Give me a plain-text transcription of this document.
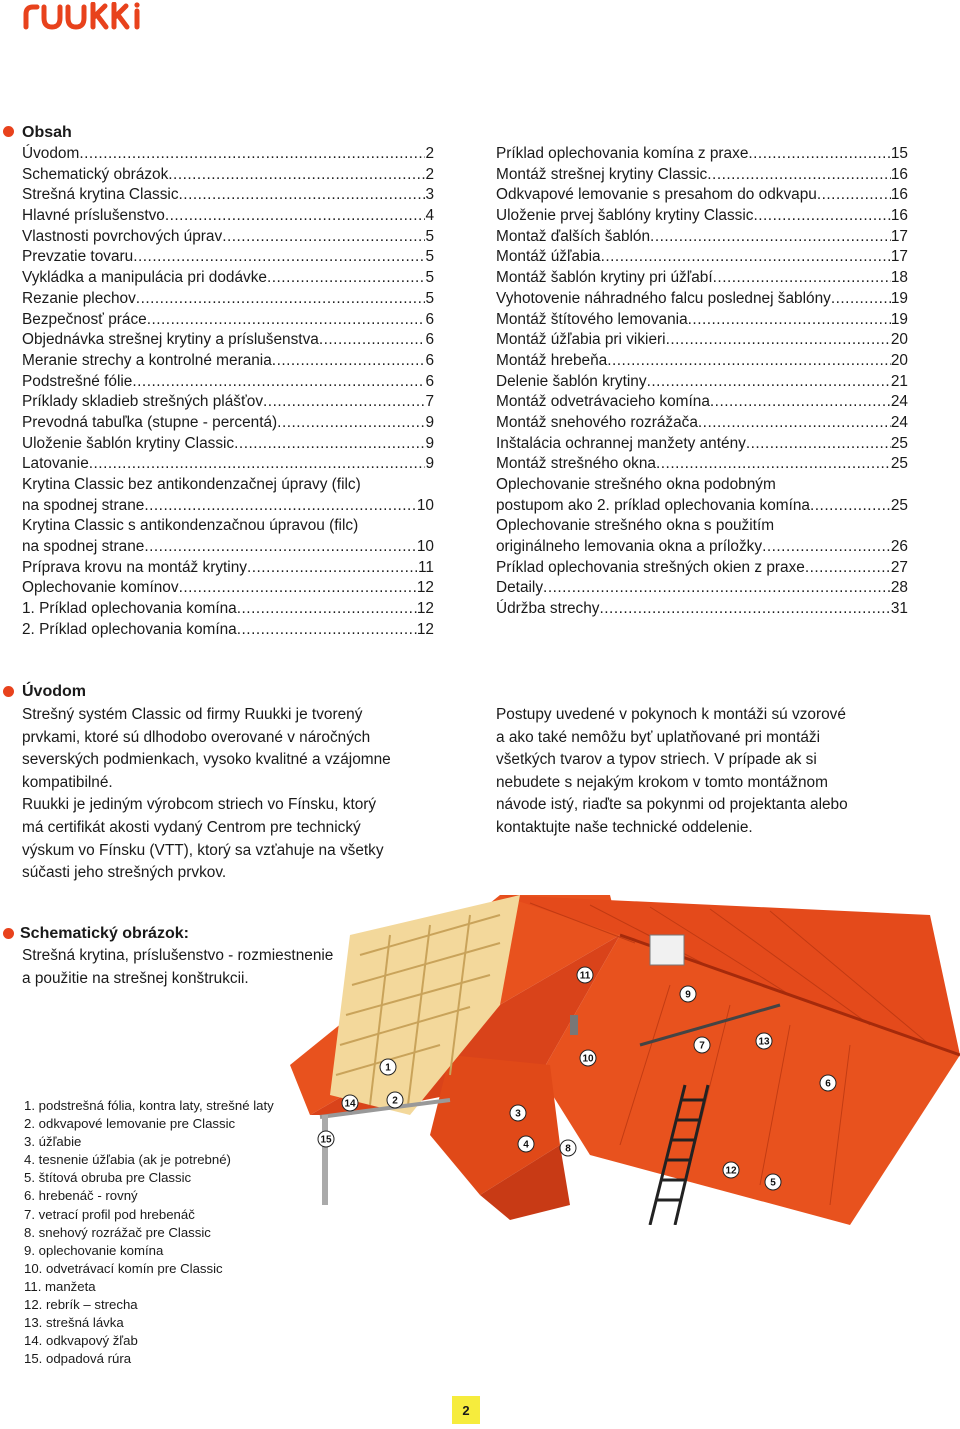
Obsah
Úvodom .....	2
Schematický obrázok .....	2
Strešná krytina Classic .....	3
Hlavné príslušenstvo .....	4
Vlastnosti povrchových úprav .....	5
Prevzatie tovaru .....	5
Vykládka a manipulácia pri dodávke .....	5
Rezanie plechov .....	5
Bezpečnosť práce .....	6
Objednávka strešnej krytiny a príslušenstva .....	6
Meranie strechy a kontrolné merania .....	6
Podstrešné fólie .....	6
Príklady skladieb strešných plášťov .....	7
Prevodná tabuľka (stupne - percentá) .....	9
Uloženie šablón krytiny Classic .....	9
Latovanie .....	9
Krytina Classic bez antikondenzačnej úpravy (filc)
na spodnej strane .....	10
Krytina Classic s antikondenzačnou úpravou (filc)
na spodnej strane .....	10
Príprava krovu na montáž krytiny .....	11
Oplechovanie komínov .....	12
1. Príklad oplechovania komína .....	12
2. Príklad oplechovania komína .....	12
Príklad oplechovania komína z praxe .....	15
Montáž strešnej krytiny Classic .....	16
Odkvapové lemovanie s presahom do odkvapu .....	16
Uloženie prvej šablóny krytiny Classic .....	16
Montaž ďalších šablón .....	17
Montáž úžľabia .....	17
Montáž šablón krytiny pri úžľabí .....	18
Vyhotovenie náhradného falcu poslednej šablóny .....	19
Montáž štítového lemovania .....	19
Montáž úžľabia pri vikieri .....	20
Montáž hrebeňa .....	20
Delenie šablón krytiny .....	21
Montáž odvetrávacieho komína .....	24
Montáž snehového rozrážača .....	24
Inštalácia ochrannej manžety antény .....	25
Montáž strešného okna .....	25
Oplechovanie strešného okna podobným
postupom ako 2. príklad oplechovania komína .....	25
Oplechovanie strešného okna s použitím
originálneho lemovania okna a príložky .....	26
Príklad oplechovania strešných okien z praxe .....	27
Detaily .....	28
Údržba strechy .....	31
Úvodom
Strešný systém Classic od firmy Ruukki je tvorený
prvkami, ktoré sú dlhodobo overované v náročných
severských podmienkach, vysoko kvalitné a vzájomne
kompatibilné.
Ruukki je jediným výrobcom striech vo Fínsku, ktorý
má certifikát akosti vydaný Centrom pre technický
výskum vo Fínsku (VTT), ktorý sa vzťahuje na všetky
súčasti jeho strešných prvkov.
Postupy uvedené v pokynoch k montáži sú vzorové
a ako také nemôžu byť uplatňované pri montáži
všetkých tvarov a typov striech. V prípade ak si
nebudete s nejakým krokom v tomto montážnom
návode istý, riaďte sa pokynmi od projektanta alebo
kontaktujte naše technické oddelenie.
Schematický obrázok:
Strešná krytina, príslušenstvo - rozmiestnenie
a použitie na strešnej konštrukcii.
1
2
3
4
5
6
7
8
9
10
11
12
13
14
15
1. podstrešná fólia, kontra laty, strešné laty
2. odkvapové lemovanie pre Classic
3. úžľabie
4. tesnenie úžľabia (ak je potrebné)
5. štítová obruba pre Classic
6. hrebenáč - rovný
7. vetrací profil pod hrebenáč
8. snehový rozrážač pre Classic
9. oplechovanie komína
10. odvetrávací komín pre Classic
11. manžeta
12. rebrík – strecha
13. strešná lávka
14. odkvapový žľab
15. odpadová rúra
2
